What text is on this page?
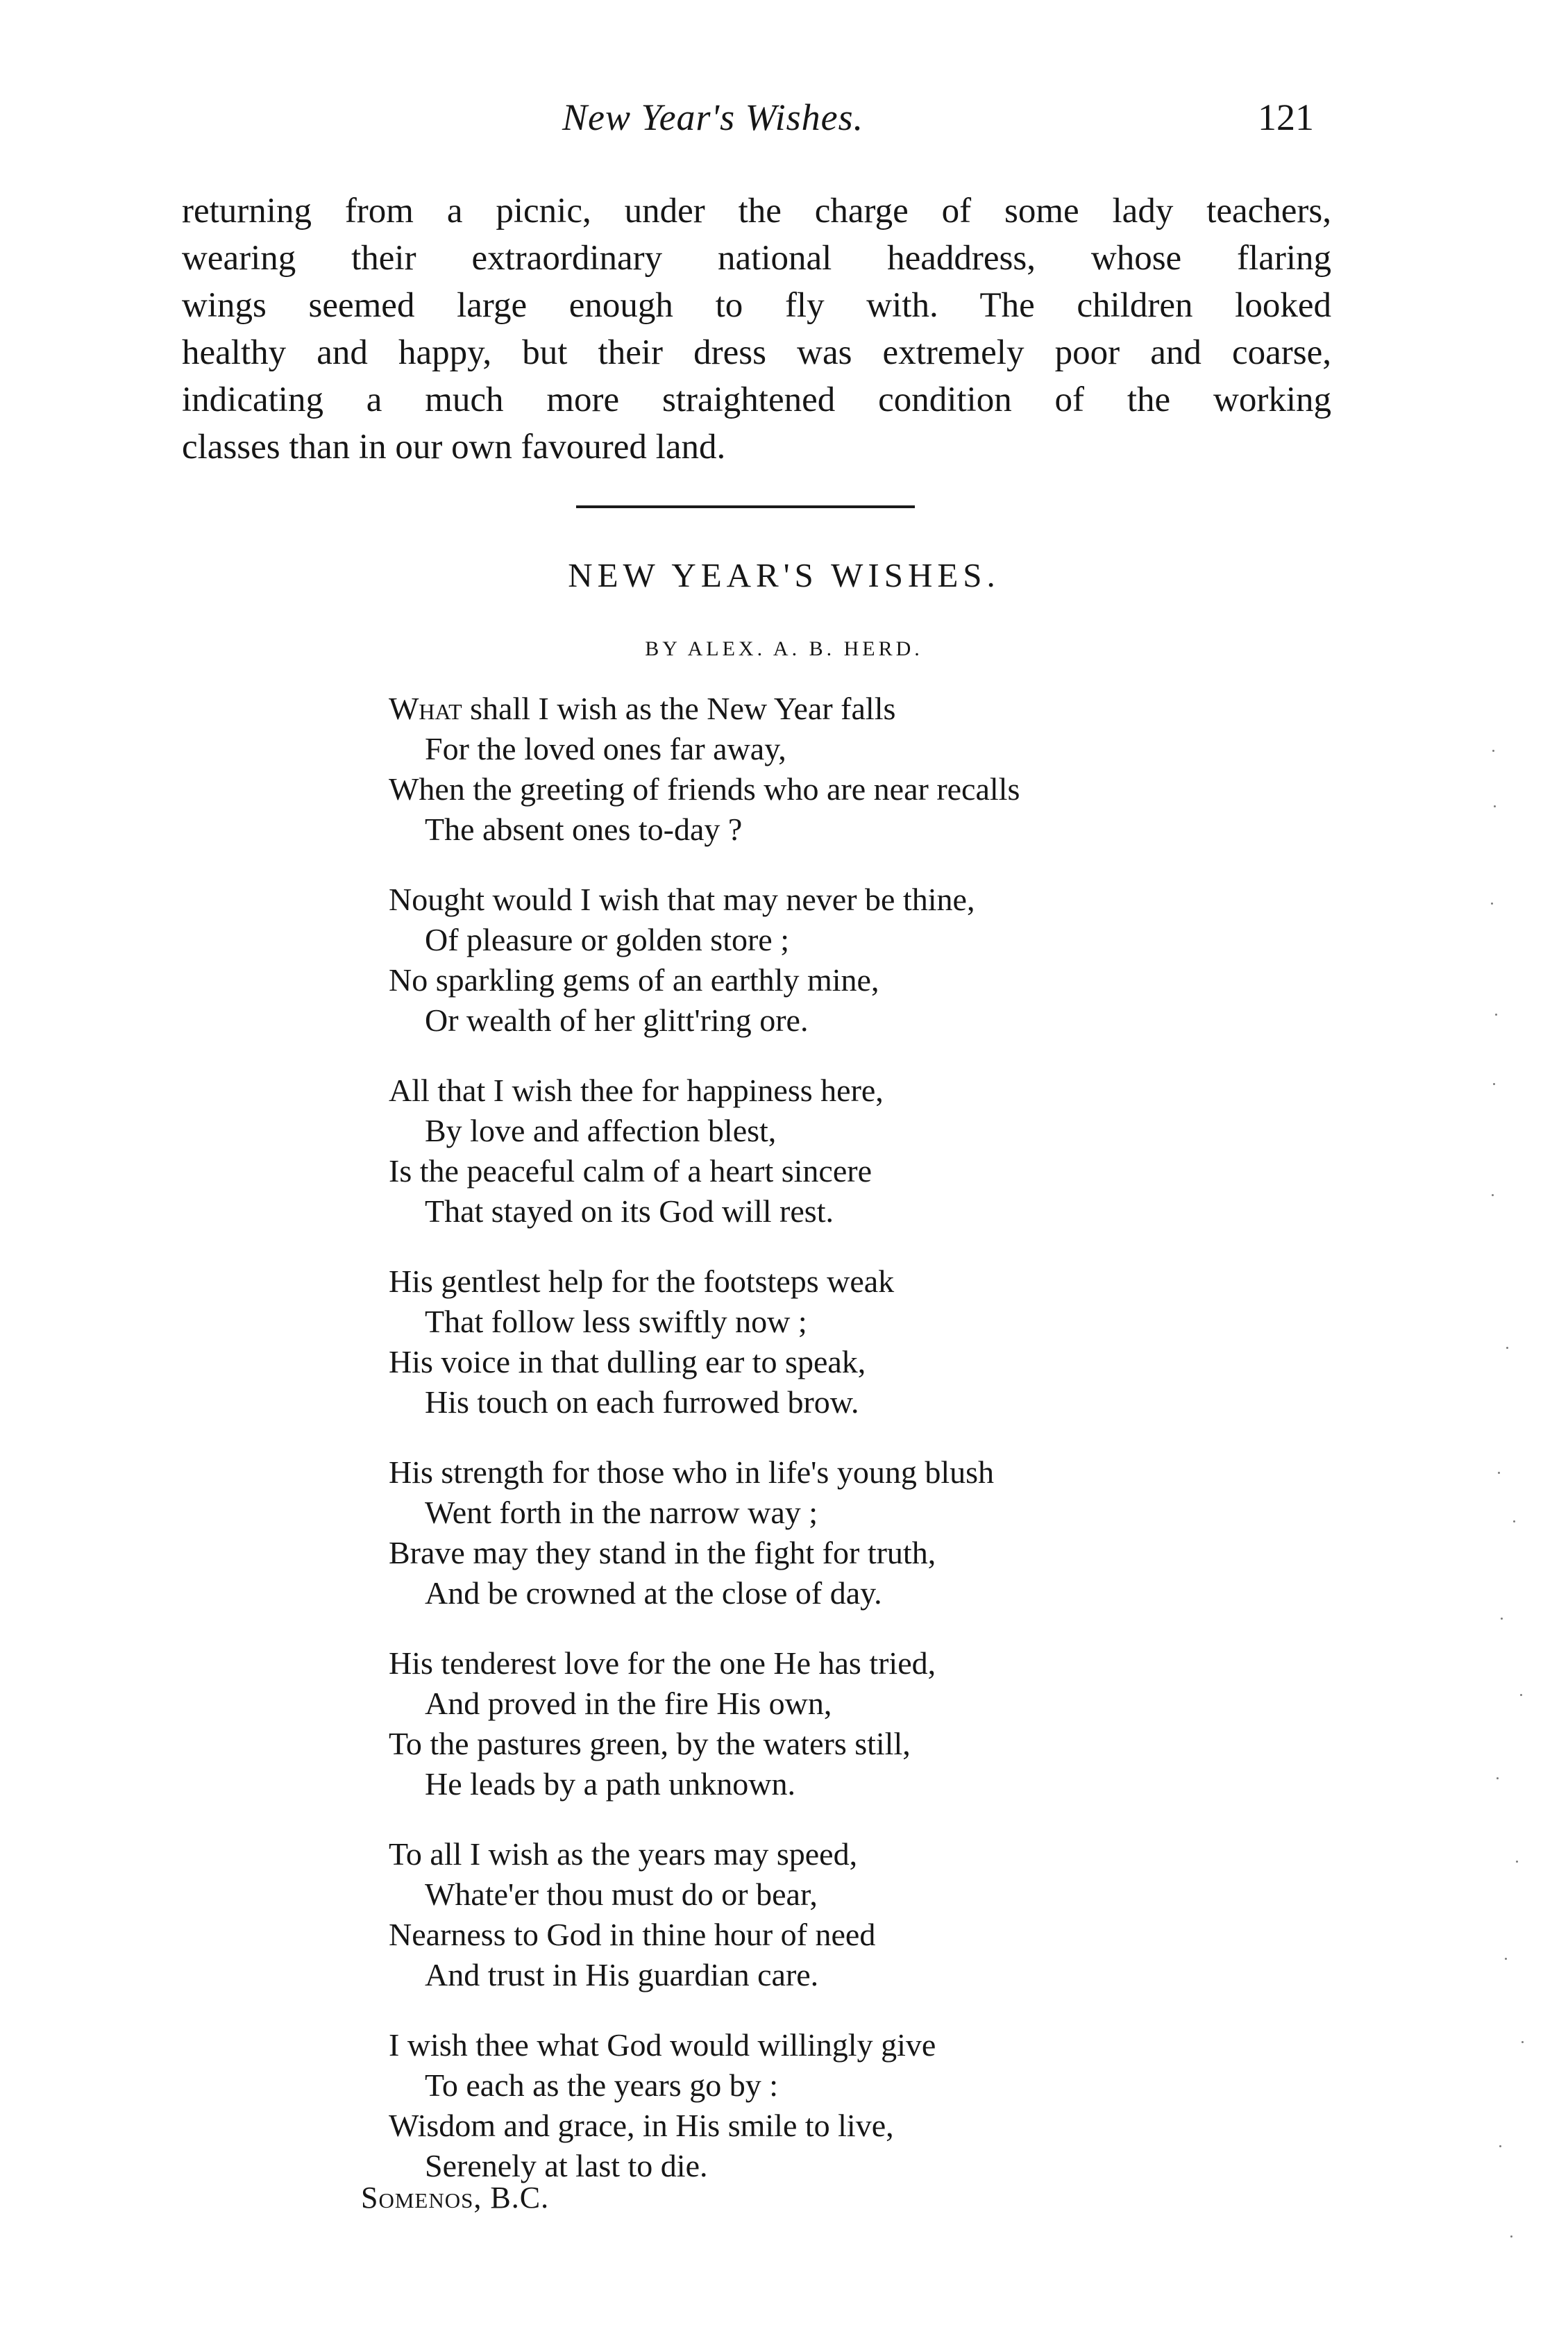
New Year's Wishes.	121
returning from a picnic, under the charge of some lady teachers,
wearing their extraordinary national headdress, whose flaring
wings seemed large enough to fly with. The children looked
healthy and happy, but their dress was extremely poor and coarse,
indicating a much more straightened condition of the working
classes than in our own favoured land.
NEW YEAR'S WISHES.
BY ALEX. A. B. HERD.
What shall I wish as the New Year falls
For the loved ones far away,
When the greeting of friends who are near recalls
The absent ones to-day ?
Nought would I wish that may never be thine,
Of pleasure or golden store ;
No sparkling gems of an earthly mine,
Or wealth of her glitt'ring ore.
All that I wish thee for happiness here,
By love and affection blest,
Is the peaceful calm of a heart sincere
That stayed on its God will rest.
His gentlest help for the footsteps weak
That follow less swiftly now ;
His voice in that dulling ear to speak,
His touch on each furrowed brow.
His strength for those who in life's young blush
Went forth in the narrow way ;
Brave may they stand in the fight for truth,
And be crowned at the close of day.
His tenderest love for the one He has tried,
And proved in the fire His own,
To the pastures green, by the waters still,
He leads by a path unknown.
To all I wish as the years may speed,
Whate'er thou must do or bear,
Nearness to God in thine hour of need
And trust in His guardian care.
I wish thee what God would willingly give
To each as the years go by :
Wisdom and grace, in His smile to live,
Serenely at last to die.
Somenos, B.C.
